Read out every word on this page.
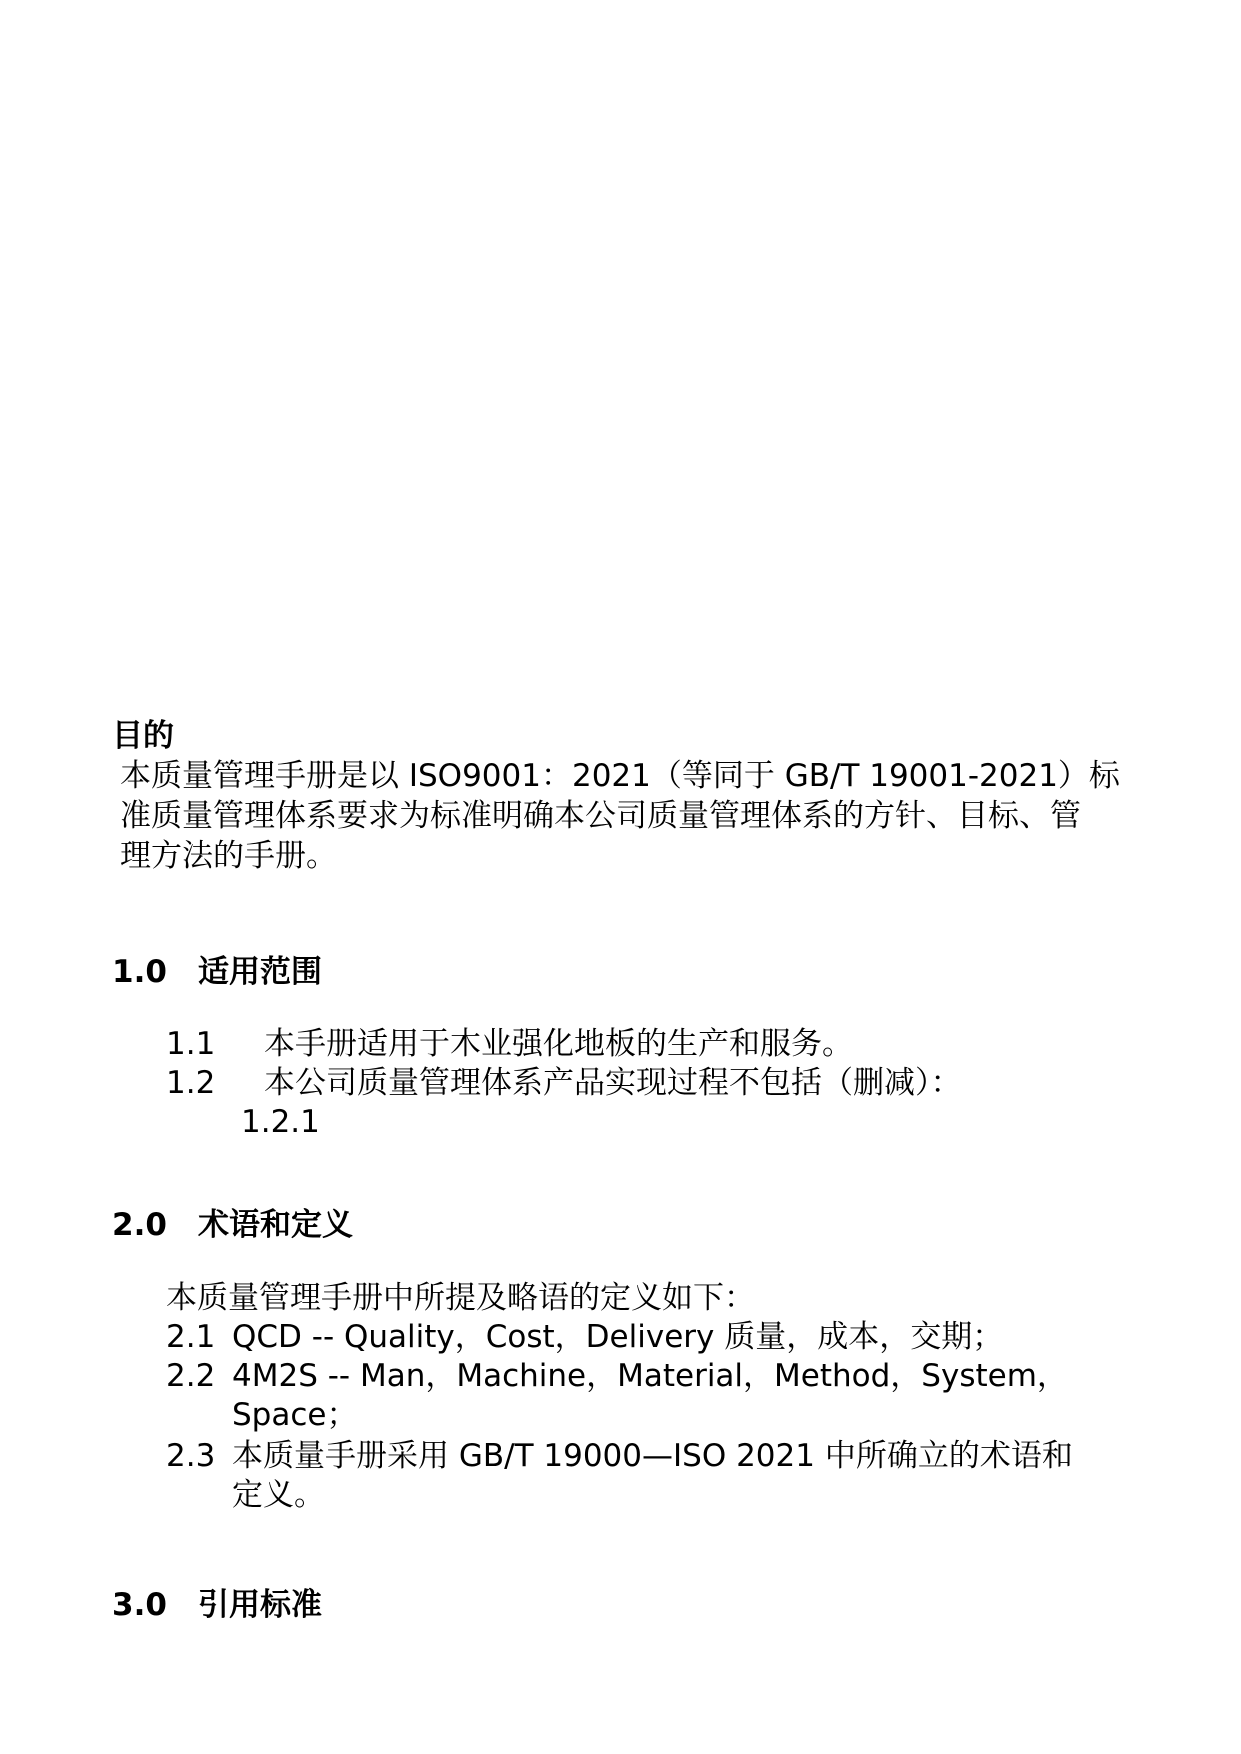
目的
本质量管理手册是以 ISO9001：2021（等同于 GB/T 19001-2021）标
准质量管理体系要求为标准明确本公司质量管理体系的方针、目标、管
理方法的手册。
1.0 适用范围
1.1 本手册适用于木业强化地板的生产和服务。
1.2 本公司质量管理体系产品实现过程不包括（删减）：
1.2.1
2.0 术语和定义
本质量管理手册中所提及略语的定义如下：
2.1 QCD -- Quality，Cost，Delivery 质量，成本，交期；
2.2 4M2S -- Man，Machine，Material，Method，System，
Space；
2.3 本质量手册采用 GB/T 19000—ISO 2021 中所确立的术语和
定义。
3.0 引用标准
